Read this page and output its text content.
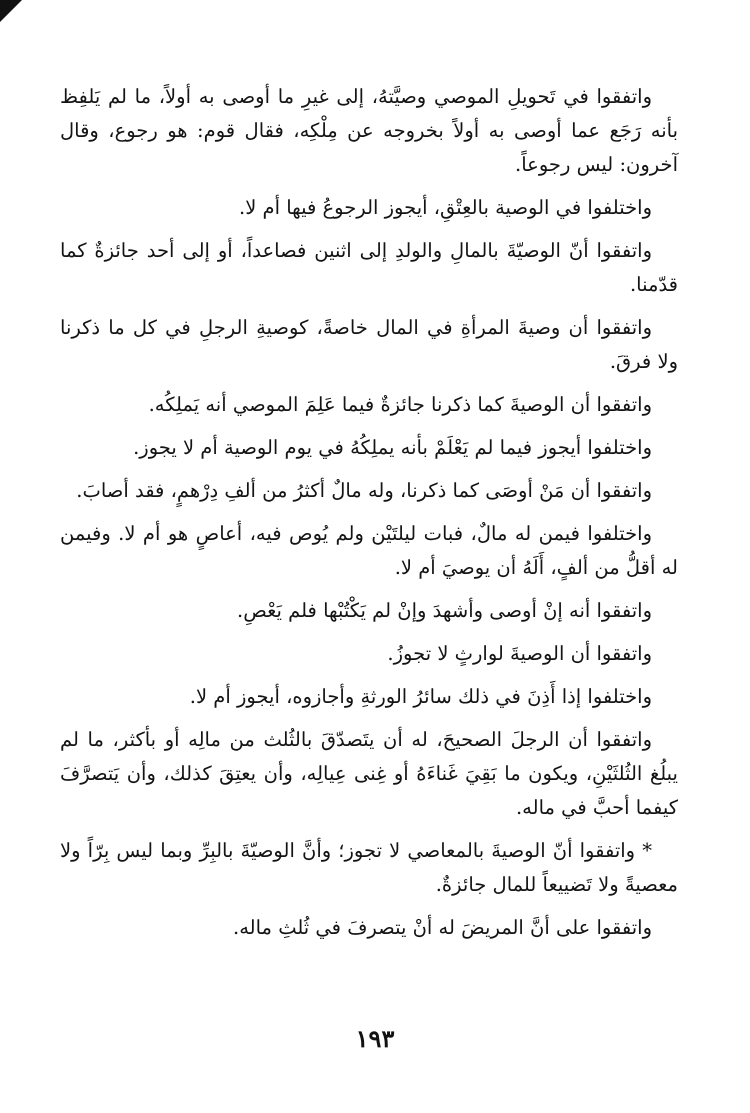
واتفقوا في تَحويلِ الموصي وصيَّتهُ، إلى غيرِ ما أوصى به أولاً، ما لم يَلفِظ بأنه رَجَع عما أوصى به أولاً بخروجه عن مِلْكِه، فقال قوم: هو رجوع، وقال آخرون: ليس رجوعاً.

واختلفوا في الوصية بالعِتْقِ، أيجوز الرجوعُ فيها أم لا.

واتفقوا أنّ الوصيّةَ بالمالِ والولدِ إلى اثنين فصاعداً، أو إلى أحد جائزةٌ كما قدّمنا.

واتفقوا أن وصيةَ المرأةِ في المال خاصةً، كوصيةِ الرجلِ في كل ما ذكرنا ولا فرقَ.

واتفقوا أن الوصيةَ كما ذكرنا جائزةٌ فيما عَلِمَ الموصي أنه يَملِكُه.

واختلفوا أيجوز فيما لم يَعْلَمْ بأنه يملِكُهُ في يوم الوصية أم لا يجوز.

واتفقوا أن مَنْ أوصَى كما ذكرنا، وله مالٌ أكثرُ من ألفِ دِرْهمٍ، فقد أصابَ.

واختلفوا فيمن له مالٌ، فبات ليلتَيْن ولم يُوص فيه، أعاصٍ هو أم لا. وفيمن له أقلُّ من ألفٍ، أَلَهُ أن يوصيَ أم لا.

واتفقوا أنه إنْ أوصى وأشهدَ وإنْ لم يَكْتُبْها فلم يَعْصِ.

واتفقوا أن الوصيةَ لوارثٍ لا تجوزُ.

واختلفوا إذا أَذِنَ في ذلك سائرُ الورثةِ وأجازوه، أيجوز أم لا.

واتفقوا أن الرجلَ الصحيحَ، له أن يتَصدّقَ بالثُلث من مالِه أو بأكثر، ما لم يبلُغ الثُلثَيْنِ، ويكون ما بَقِيَ غَناءَهُ أو غِنى عِيالِه، وأن يعتِقَ كذلك، وأن يَتصرَّفَ كيفما أحبَّ في ماله.

* واتفقوا أنّ الوصيةَ بالمعاصي لا تجوز؛ وأنَّ الوصيّةَ بالبِرِّ وبما ليس بِرّاً ولا معصيةً ولا تَضييعاً للمال جائزةٌ.

واتفقوا على أنَّ المريضَ له أنْ يتصرفَ في ثُلثِ ماله.

١٩٣
